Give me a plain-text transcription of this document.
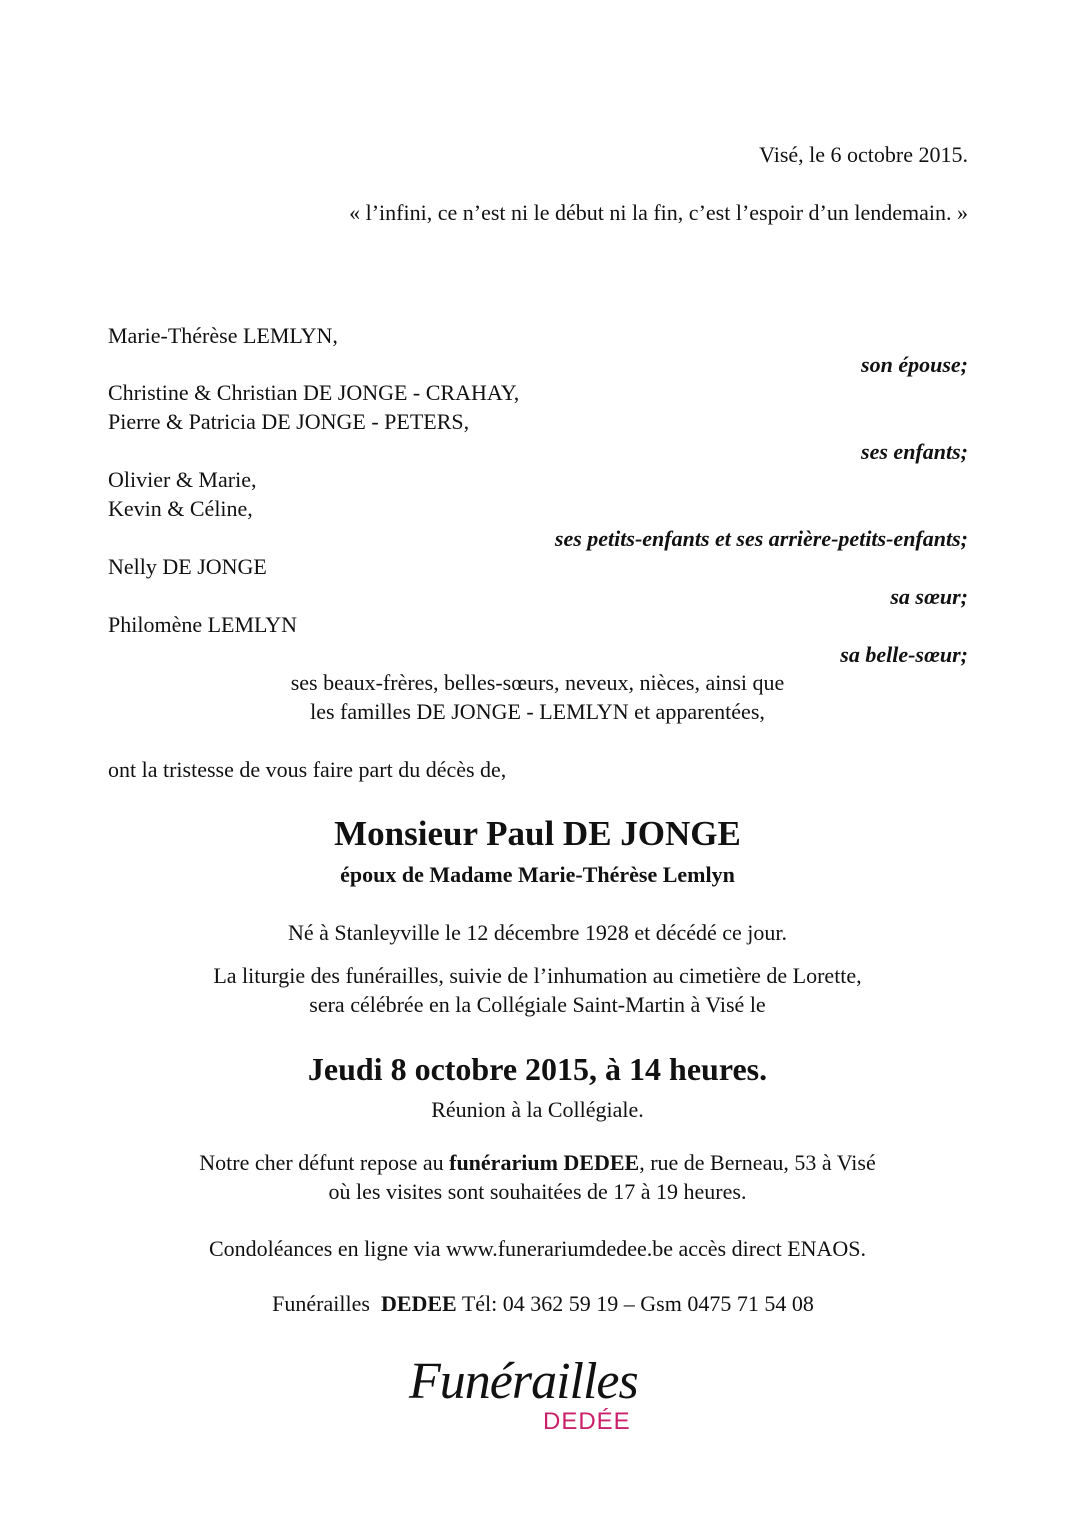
Visé, le 6 octobre 2015.
« l’infini, ce n’est ni le début ni la fin, c’est l’espoir d’un lendemain. »
Marie-Thérèse LEMLYN,
son épouse;
Christine & Christian DE JONGE - CRAHAY,
Pierre & Patricia DE JONGE - PETERS,
ses enfants;
Olivier & Marie,
Kevin & Céline,
ses petits-enfants et ses arrière-petits-enfants;
Nelly DE JONGE
sa sœur;
Philomène LEMLYN
sa belle-sœur;
ses beaux-frères, belles-sœurs, neveux, nièces, ainsi que
les familles DE JONGE - LEMLYN et apparentées,
ont la tristesse de vous faire part du décès de,
Monsieur Paul DE JONGE
époux de Madame Marie-Thérèse Lemlyn
Né à Stanleyville le 12 décembre 1928 et décédé ce jour.
La liturgie des funérailles, suivie de l’inhumation au cimetière de Lorette,
sera célébrée en la Collégiale Saint-Martin à Visé le
Jeudi 8 octobre 2015, à 14 heures.
Réunion à la Collégiale.
Notre cher défunt repose au funérarium DEDEE, rue de Berneau, 53 à Visé
où les visites sont souhaitées de 17 à 19 heures.
Condoléances en ligne via www.funerariumdedee.be accès direct ENAOS.

Funérailles  DEDEE Tél: 04 362 59 19 – Gsm 0475 71 54 08

Funérailles
DEDÉE
